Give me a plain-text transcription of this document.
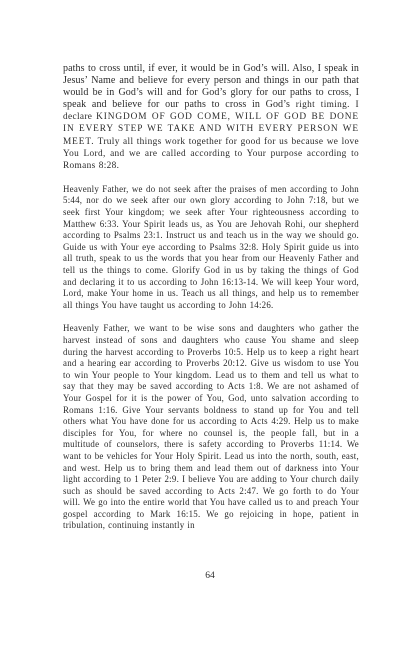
paths to cross until, if ever, it would be in God’s will. Also, I speak in Jesus’ Name and believe for every person and things in our path that would be in God’s will and for God’s glory for our paths to cross, I speak and believe for our paths to cross in God’s right timing. I declare KINGDOM OF GOD COME, WILL OF GOD BE DONE IN EVERY STEP WE TAKE AND WITH EVERY PERSON WE MEET. Truly all things work together for good for us because we love You Lord, and we are called according to Your purpose according to Romans 8:28.

Heavenly Father, we do not seek after the praises of men according to John 5:44, nor do we seek after our own glory according to John 7:18, but we seek first Your kingdom; we seek after Your righteousness according to Matthew 6:33. Your Spirit leads us, as You are Jehovah Rohi, our shepherd according to Psalms 23:1. Instruct us and teach us in the way we should go. Guide us with Your eye according to Psalms 32:8. Holy Spirit guide us into all truth, speak to us the words that you hear from our Heavenly Father and tell us the things to come. Glorify God in us by taking the things of God and declaring it to us according to John 16:13-14. We will keep Your word, Lord, make Your home in us. Teach us all things, and help us to remember all things You have taught us according to John 14:26.

Heavenly Father, we want to be wise sons and daughters who gather the harvest instead of sons and daughters who cause You shame and sleep during the harvest according to Proverbs 10:5. Help us to keep a right heart and a hearing ear according to Proverbs 20:12. Give us wisdom to use You to win Your people to Your kingdom. Lead us to them and tell us what to say that they may be saved according to Acts 1:8. We are not ashamed of Your Gospel for it is the power of You, God, unto salvation according to Romans 1:16. Give Your servants boldness to stand up for You and tell others what You have done for us according to Acts 4:29. Help us to make disciples for You, for where no counsel is, the people fall, but in a multitude of counselors, there is safety according to Proverbs 11:14. We want to be vehicles for Your Holy Spirit. Lead us into the north, south, east, and west. Help us to bring them and lead them out of darkness into Your light according to 1 Peter 2:9. I believe You are adding to Your church daily such as should be saved according to Acts 2:47. We go forth to do Your will. We go into the entire world that You have called us to and preach Your gospel according to Mark 16:15. We go rejoicing in hope, patient in tribulation, continuing instantly in

64
